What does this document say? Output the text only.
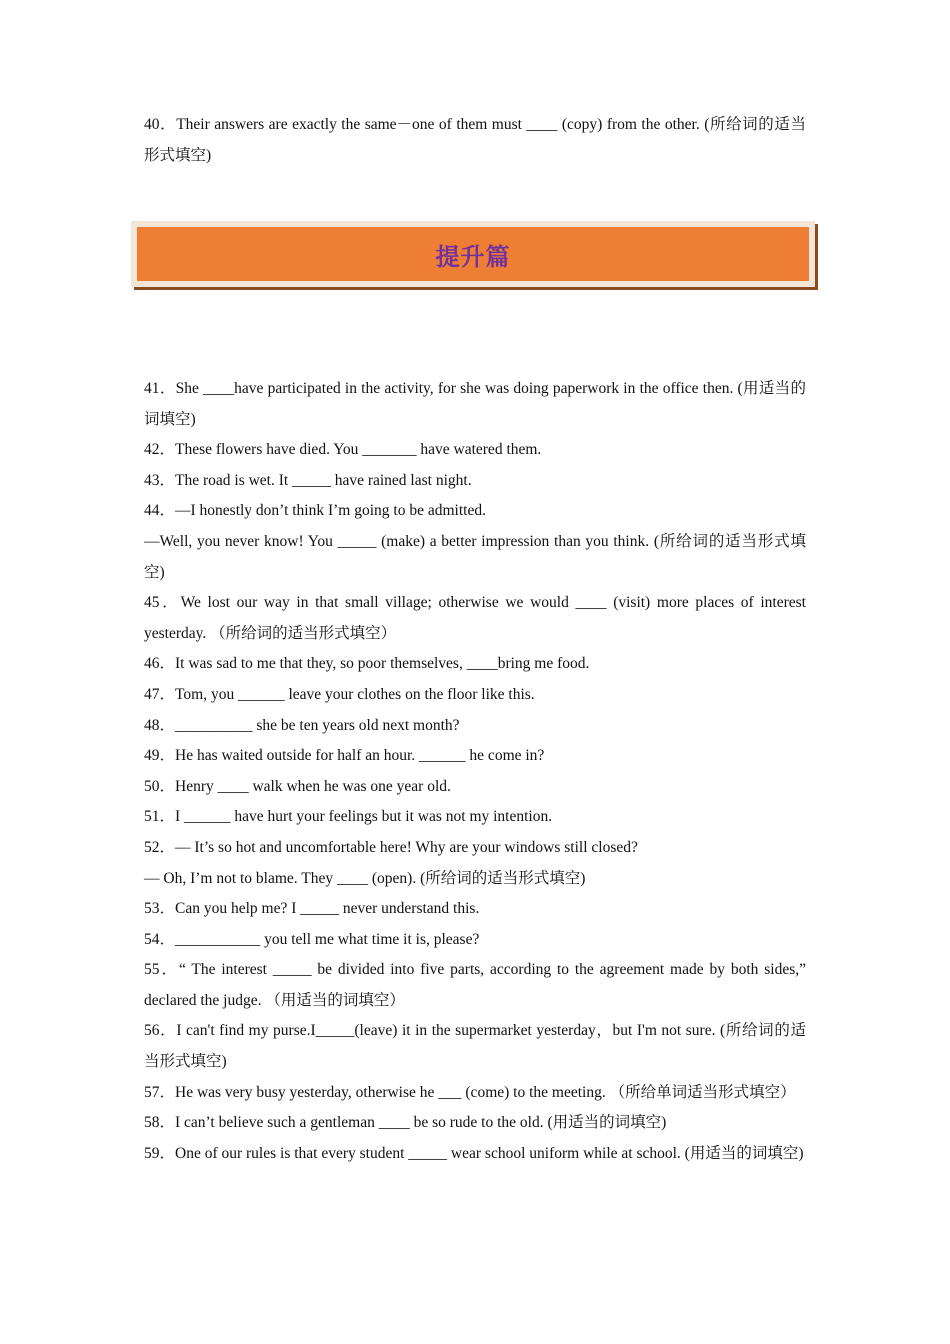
40．Their answers are exactly the same－one of them must ____ (copy) from the other. (所给词的适当形式填空)
提升篇
41．She ____have participated in the activity, for she was doing paperwork in the office then. (用适当的词填空)
42．These flowers have died. You _______ have watered them.
43．The road is wet. It _____ have rained last night.
44．—I honestly don’t think I’m going to be admitted.
—Well, you never know! You _____ (make) a better impression than you think. (所给词的适当形式填空)
45．We lost our way in that small village; otherwise we would ____ (visit) more places of interest yesterday. （所给词的适当形式填空）
46．It was sad to me that they, so poor themselves, ____bring me food.
47．Tom, you ______ leave your clothes on the floor like this.
48．__________ she be ten years old next month?
49．He has waited outside for half an hour. ______ he come in?
50．Henry ____ walk when he was one year old.
51．I ______ have hurt your feelings but it was not my intention.
52．— It’s so hot and uncomfortable here! Why are your windows still closed?
— Oh, I’m not to blame. They ____ (open). (所给词的适当形式填空)
53．Can you help me? I _____ never understand this.
54．___________ you tell me what time it is, please?
55．“ The interest _____ be divided into five parts, according to the agreement made by both sides,” declared the judge. （用适当的词填空）
56．I can't find my purse.I_____(leave) it in the supermarket yesterday，but I'm not sure. (所给词的适当形式填空)
57．He was very busy yesterday, otherwise he ___ (come) to the meeting. （所给单词适当形式填空）
58．I can’t believe such a gentleman ____ be so rude to the old. (用适当的词填空)
59．One of our rules is that every student _____ wear school uniform while at school. (用适当的词填空)
